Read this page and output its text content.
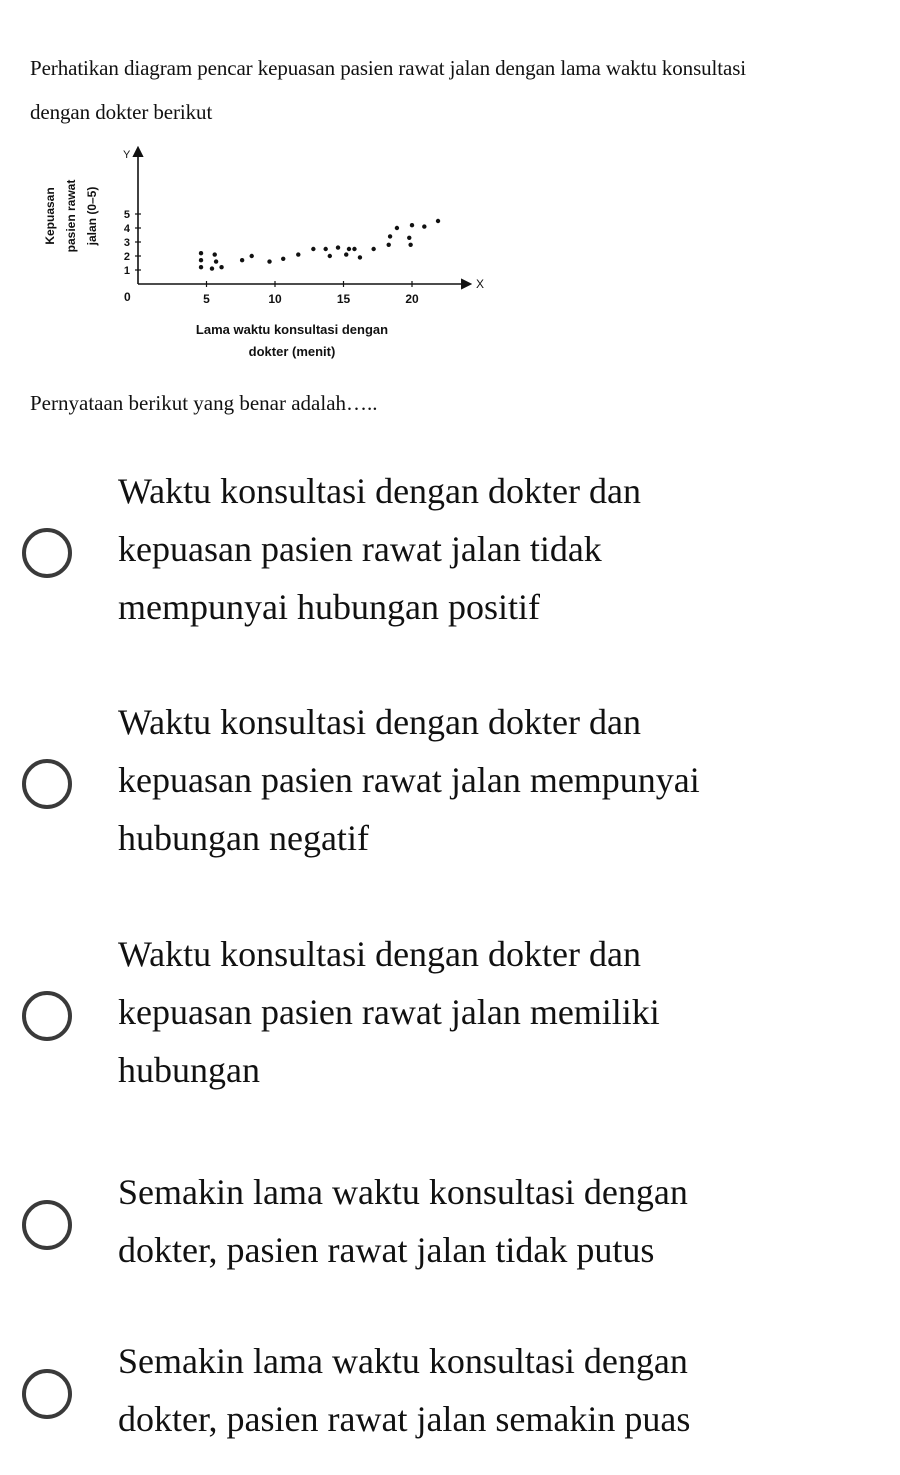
Perhatikan diagram pencar kepuasan pasien rawat jalan dengan lama waktu konsultasi
dengan dokter berikut
Y
X
0
Kepuasan pasien rawat jalan (0–5)
5	10	15	20
1
2
3
4
5
Lama waktu konsultasi dengan
dokter (menit)
Pernyataan berikut yang benar adalah…..
Waktu konsultasi dengan dokter dan
kepuasan pasien rawat jalan tidak
mempunyai hubungan positif
Waktu konsultasi dengan dokter dan
kepuasan pasien rawat jalan mempunyai
hubungan negatif
Waktu konsultasi dengan dokter dan
kepuasan pasien rawat jalan memiliki
hubungan
Semakin lama waktu konsultasi dengan
dokter, pasien rawat jalan tidak putus
Semakin lama waktu konsultasi dengan
dokter, pasien rawat jalan semakin puas
